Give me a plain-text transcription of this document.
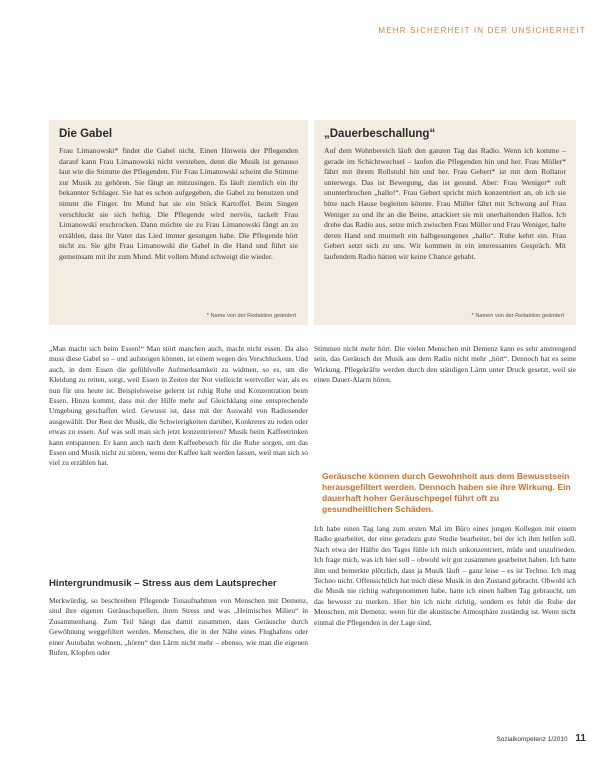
MEHR SICHERHEIT IN DER UNSICHERHEIT
Die Gabel

Frau Limanowski* findet die Gabel nicht. Einen Hinweis der Pflegenden darauf kann Frau Limanowski nicht verstehen, denn die Musik ist genauso laut wie die Stimme der Pflegenden. Für Frau Limanowski scheint die Stimme zur Musik zu gehören. Sie fängt an mitzusingen. Es läuft ziemlich ein ihr bekannter Schlager. Sie hat es schon aufgegeben, die Gabel zu benutzen und nimmt die Finger. Im Mund hat sie ein Stück Kartoffel. Beim Singen verschluckt sie sich heftig. Die Pflegende wird nervös, tackelt Frau Limanowski erschrocken. Dann möchte sie zu Frau Limanowski fängt an zu erzählen, dass ihr Vater das Lied immer gesungen habe. Die Pflegende hört nicht zu. Sie gibt Frau Limanowski die Gabel in die Hand und führt sie gemeinsam mit ihr zum Mund. Mit vollem Mund schweigt die wieder.

* Name von der Redaktion geändert
„Dauerbeschallung“

Auf dem Wohnbereich läuft den ganzen Tag das Radio. Wenn ich komme – gerade im Schichtwechsel – laufen die Pflegenden hin und her. Frau Müller* fährt mit ihrem Rollstuhl hin und her. Frau Gebert* ist mit dem Rollator unterwegs. Das ist Bewegung, das ist gesund. Aber: Frau Weniger* ruft ununterbrochen „hallo!“. Frau Gebert spricht mich konzentriert an, ob ich sie bitte nach Hause begleiten könnte. Frau Müller fährt mit Schwung auf Frau Weniger zu und ihr an die Beine, attackiert sie mit unerhaltenden Hallos. Ich drehe das Radio aus, setze mich zwischen Frau Müller und Frau Weniger, halte deren Hand und murmelt ein halbgesungenes „hallo“. Ruhe kehrt ein. Frau Gebert setzt sich zu uns. Wir kommen in ein interessantes Gespräch. Mit laufendem Radio hätten wir keine Chance gehabt.

* Namen von der Redaktion geändert

„Man macht sich beim Essen!“ Man stört manchen auch, macht nicht essen. Da also muss diese Gabel so – und aufsteigen können, ist einem wegen des Verschluckens. Und auch, in dem Essen die gefühlvolle Aufmerksamkeit zu widmen, so es, um die Kleidung zu retten, sorgt, weil Essen in Zeiten der Not vielleicht wertvoller war, als es nun für uns heute ist. Beispielsweise gelernt ist ruhig Ruhe und Konzentration beim Essen. Hinzu kommt, dass mit der Hilfe mehr auf Gleichklang eine entsprechende Umgebung geschaffen wird. Gewusst ist, dass mit der Auswahl von Radiosender ausgewählt. Der Rest der Musik, die Schwierigkeiten darüber, Konkretes zu reden oder etwas zu essen. Auf was soll man sich jetzt konzentrieren? Musik beim Kaffeetrinken kann entspannen. Er kann auch nach dem Kaffeebesuch für die Ruhe sorgen, um das Essen und Musik nicht zu stören, wenn der Kaffee kalt werden lassen, weil man sich so viel zu erzählen hat.

Hintergrundmusik – Stress aus dem Lautsprecher

Merkwürdig, so beschreiben Pflegende Tonaufnahmen von Menschen mit Demenz, sind ihre eigenen Geräuschquellen, ihren Stress und was „Heimisches Milieu“ in Zusammenhang. Zum Teil hängt das damit zusammen, dass Geräusche durch Gewöhnung weggefiltert werden. Menschen, die in der Nähe eines Flughafens oder einer Autobahn wohnen, „hören“ den Lärm nicht mehr – ebenso, wie man die eigenen Rufen, Klopfen oder

Stimmen nicht mehr hört. Die vielen Menschen mit Demenz kann es sehr anstrengend sein, das Geräusch der Musik aus dem Radio nicht mehr „hört“. Dennoch hat es seine Wirkung. Pflegekräfte werden durch den ständigen Lärm unter Druck gesetzt, weil sie einen Dauer-Alarm hören.

Geräusche können durch Gewohnheit aus dem Bewusstsein herausgefiltert werden. Dennoch haben sie ihre Wirkung. Ein dauerhaft hoher Geräuschpegel führt oft zu gesundheitlichen Schäden.

Ich habe einen Tag lang zum ersten Mal im Büro eines jungen Kollegen mit einem Radio gearbeitet, der eine geradezu gute Studie bearbeitet, bei der ich ihm helfen soll. Nach etwa der Hälfte des Tages fühle ich mich unkonzentriert, müde und unzufrieden. Ich frage mich, was ich hier soll – obwohl wir gut zusammen gearbeitet haben. Ich hatte ihm und bemerkte plötzlich, dass ja Musik läuft – ganz leise – es ist Techno. Ich mag Techno nicht. Offensichtlich hat mich diese Musik in den Zustand gebracht. Obwohl ich die Musik nie richtig wahrgenommen habe, hatte ich einen halben Tag gebraucht, um das bewusst zu merken. Hier bin ich nicht richtig, sondern es fehlt die Ruhe der Menschen, mit Demenz, wenn für die akustische Atmosphäre zuständig ist. Wenn nicht einmal die Pflegenden in der Lage sind,

Sozialkompetenz 1/2010 11
